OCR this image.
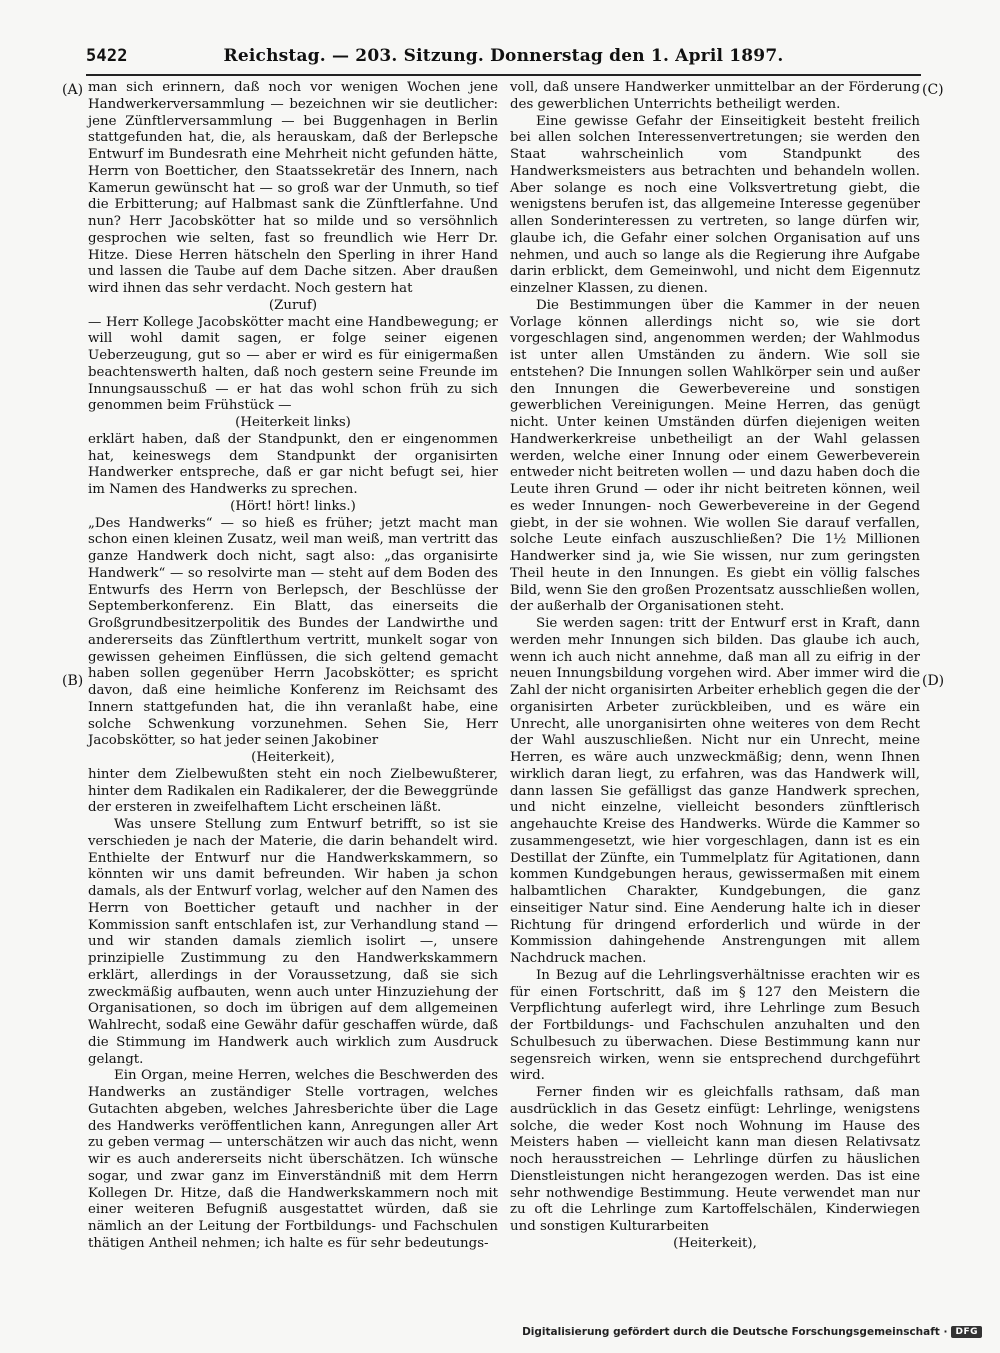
5422	Reichstag. — 203. Sitzung. Donnerstag den 1. April 1897.
(A)
(B)
(C)
(D)

man sich erinnern, daß noch vor wenigen Wochen jene Handwerkerversammlung — bezeichnen wir sie deutlicher: jene Zünftlerversammlung — bei Buggenhagen in Berlin stattgefunden hat, die, als herauskam, daß der Berlepsche Entwurf im Bundesrath eine Mehrheit nicht gefunden hätte, Herrn von Boetticher, den Staatssekretär des Innern, nach Kamerun gewünscht hat — so groß war der Unmuth, so tief die Erbitterung; auf Halbmast sank die Zünftlerfahne. Und nun? Herr Jacobskötter hat so milde und so versöhnlich gesprochen wie selten, fast so freundlich wie Herr Dr. Hitze. Diese Herren hätscheln den Sperling in ihrer Hand und lassen die Taube auf dem Dache sitzen. Aber draußen wird ihnen das sehr verdacht. Noch gestern hat

(Zuruf)

— Herr Kollege Jacobskötter macht eine Handbewegung; er will wohl damit sagen, er folge seiner eigenen Ueberzeugung, gut so — aber er wird es für einigermaßen beachtenswerth halten, daß noch gestern seine Freunde im Innungsausschuß — er hat das wohl schon früh zu sich genommen beim Frühstück —

(Heiterkeit links)

erklärt haben, daß der Standpunkt, den er eingenommen hat, keineswegs dem Standpunkt der organisirten Handwerker entspreche, daß er gar nicht befugt sei, hier im Namen des Handwerks zu sprechen.

(Hört! hört! links.)

„Des Handwerks“ — so hieß es früher; jetzt macht man schon einen kleinen Zusatz, weil man weiß, man vertritt das ganze Handwerk doch nicht, sagt also: „das organisirte Handwerk“ — so resolvirte man — steht auf dem Boden des Entwurfs des Herrn von Berlepsch, der Beschlüsse der Septemberkonferenz. Ein Blatt, das einerseits die Großgrundbesitzerpolitik des Bundes der Landwirthe und andererseits das Zünftlerthum vertritt, munkelt sogar von gewissen geheimen Einflüssen, die sich geltend gemacht haben sollen gegenüber Herrn Jacobskötter; es spricht davon, daß eine heimliche Konferenz im Reichsamt des Innern stattgefunden hat, die ihn veranlaßt habe, eine solche Schwenkung vorzunehmen. Sehen Sie, Herr Jacobskötter, so hat jeder seinen Jakobiner

(Heiterkeit),

hinter dem Zielbewußten steht ein noch Zielbewußterer, hinter dem Radikalen ein Radikalerer, der die Beweggründe der ersteren in zweifelhaftem Licht erscheinen läßt.

Was unsere Stellung zum Entwurf betrifft, so ist sie verschieden je nach der Materie, die darin behandelt wird. Enthielte der Entwurf nur die Handwerkskammern, so könnten wir uns damit befreunden. Wir haben ja schon damals, als der Entwurf vorlag, welcher auf den Namen des Herrn von Boetticher getauft und nachher in der Kommission sanft entschlafen ist, zur Verhandlung stand — und wir standen damals ziemlich isolirt —, unsere prinzipielle Zustimmung zu den Handwerkskammern erklärt, allerdings in der Voraussetzung, daß sie sich zweckmäßig aufbauten, wenn auch unter Hinzuziehung der Organisationen, so doch im übrigen auf dem allgemeinen Wahlrecht, sodaß eine Gewähr dafür geschaffen würde, daß die Stimmung im Handwerk auch wirklich zum Ausdruck gelangt.

Ein Organ, meine Herren, welches die Beschwerden des Handwerks an zuständiger Stelle vortragen, welches Gutachten abgeben, welches Jahresberichte über die Lage des Handwerks veröffentlichen kann, Anregungen aller Art zu geben vermag — unterschätzen wir auch das nicht, wenn wir es auch andererseits nicht überschätzen. Ich wünsche sogar, und zwar ganz im Einverständniß mit dem Herrn Kollegen Dr. Hitze, daß die Handwerkskammern noch mit einer weiteren Befugniß ausgestattet würden, daß sie nämlich an der Leitung der Fortbildungs- und Fachschulen thätigen Antheil nehmen; ich halte es für sehr bedeutungs-

voll, daß unsere Handwerker unmittelbar an der Förderung des gewerblichen Unterrichts betheiligt werden.

Eine gewisse Gefahr der Einseitigkeit besteht freilich bei allen solchen Interessenvertretungen; sie werden den Staat wahrscheinlich vom Standpunkt des Handwerksmeisters aus betrachten und behandeln wollen. Aber solange es noch eine Volksvertretung giebt, die wenigstens berufen ist, das allgemeine Interesse gegenüber allen Sonderinteressen zu vertreten, so lange dürfen wir, glaube ich, die Gefahr einer solchen Organisation auf uns nehmen, und auch so lange als die Regierung ihre Aufgabe darin erblickt, dem Gemeinwohl, und nicht dem Eigennutz einzelner Klassen, zu dienen.

Die Bestimmungen über die Kammer in der neuen Vorlage können allerdings nicht so, wie sie dort vorgeschlagen sind, angenommen werden; der Wahlmodus ist unter allen Umständen zu ändern. Wie soll sie entstehen? Die Innungen sollen Wahlkörper sein und außer den Innungen die Gewerbevereine und sonstigen gewerblichen Vereinigungen. Meine Herren, das genügt nicht. Unter keinen Umständen dürfen diejenigen weiten Handwerkerkreise unbetheiligt an der Wahl gelassen werden, welche einer Innung oder einem Gewerbeverein entweder nicht beitreten wollen — und dazu haben doch die Leute ihren Grund — oder ihr nicht beitreten können, weil es weder Innungen- noch Gewerbevereine in der Gegend giebt, in der sie wohnen. Wie wollen Sie darauf verfallen, solche Leute einfach auszuschließen? Die 1½ Millionen Handwerker sind ja, wie Sie wissen, nur zum geringsten Theil heute in den Innungen. Es giebt ein völlig falsches Bild, wenn Sie den großen Prozentsatz ausschließen wollen, der außerhalb der Organisationen steht.

Sie werden sagen: tritt der Entwurf erst in Kraft, dann werden mehr Innungen sich bilden. Das glaube ich auch, wenn ich auch nicht annehme, daß man all zu eifrig in der neuen Innungsbildung vorgehen wird. Aber immer wird die Zahl der nicht organisirten Arbeiter erheblich gegen die der organisirten Arbeter zurückbleiben, und es wäre ein Unrecht, alle unorganisirten ohne weiteres von dem Recht der Wahl auszuschließen. Nicht nur ein Unrecht, meine Herren, es wäre auch unzweckmäßig; denn, wenn Ihnen wirklich daran liegt, zu erfahren, was das Handwerk will, dann lassen Sie gefälligst das ganze Handwerk sprechen, und nicht einzelne, vielleicht besonders zünftlerisch angehauchte Kreise des Handwerks. Würde die Kammer so zusammengesetzt, wie hier vorgeschlagen, dann ist es ein Destillat der Zünfte, ein Tummelplatz für Agitationen, dann kommen Kundgebungen heraus, gewissermaßen mit einem halbamtlichen Charakter, Kundgebungen, die ganz einseitiger Natur sind. Eine Aenderung halte ich in dieser Richtung für dringend erforderlich und würde in der Kommission dahingehende Anstrengungen mit allem Nachdruck machen.

In Bezug auf die Lehrlingsverhältnisse erachten wir es für einen Fortschritt, daß im § 127 den Meistern die Verpflichtung auferlegt wird, ihre Lehrlinge zum Besuch der Fortbildungs- und Fachschulen anzuhalten und den Schulbesuch zu überwachen. Diese Bestimmung kann nur segensreich wirken, wenn sie entsprechend durchgeführt wird.

Ferner finden wir es gleichfalls rathsam, daß man ausdrücklich in das Gesetz einfügt: Lehrlinge, wenigstens solche, die weder Kost noch Wohnung im Hause des Meisters haben — vielleicht kann man diesen Relativsatz noch herausstreichen — Lehrlinge dürfen zu häuslichen Dienstleistungen nicht herangezogen werden. Das ist eine sehr nothwendige Bestimmung. Heute verwendet man nur zu oft die Lehrlinge zum Kartoffelschälen, Kinderwiegen und sonstigen Kulturarbeiten

(Heiterkeit),
Digitalisierung gefördert durch die Deutsche Forschungsgemeinschaft · DFG
